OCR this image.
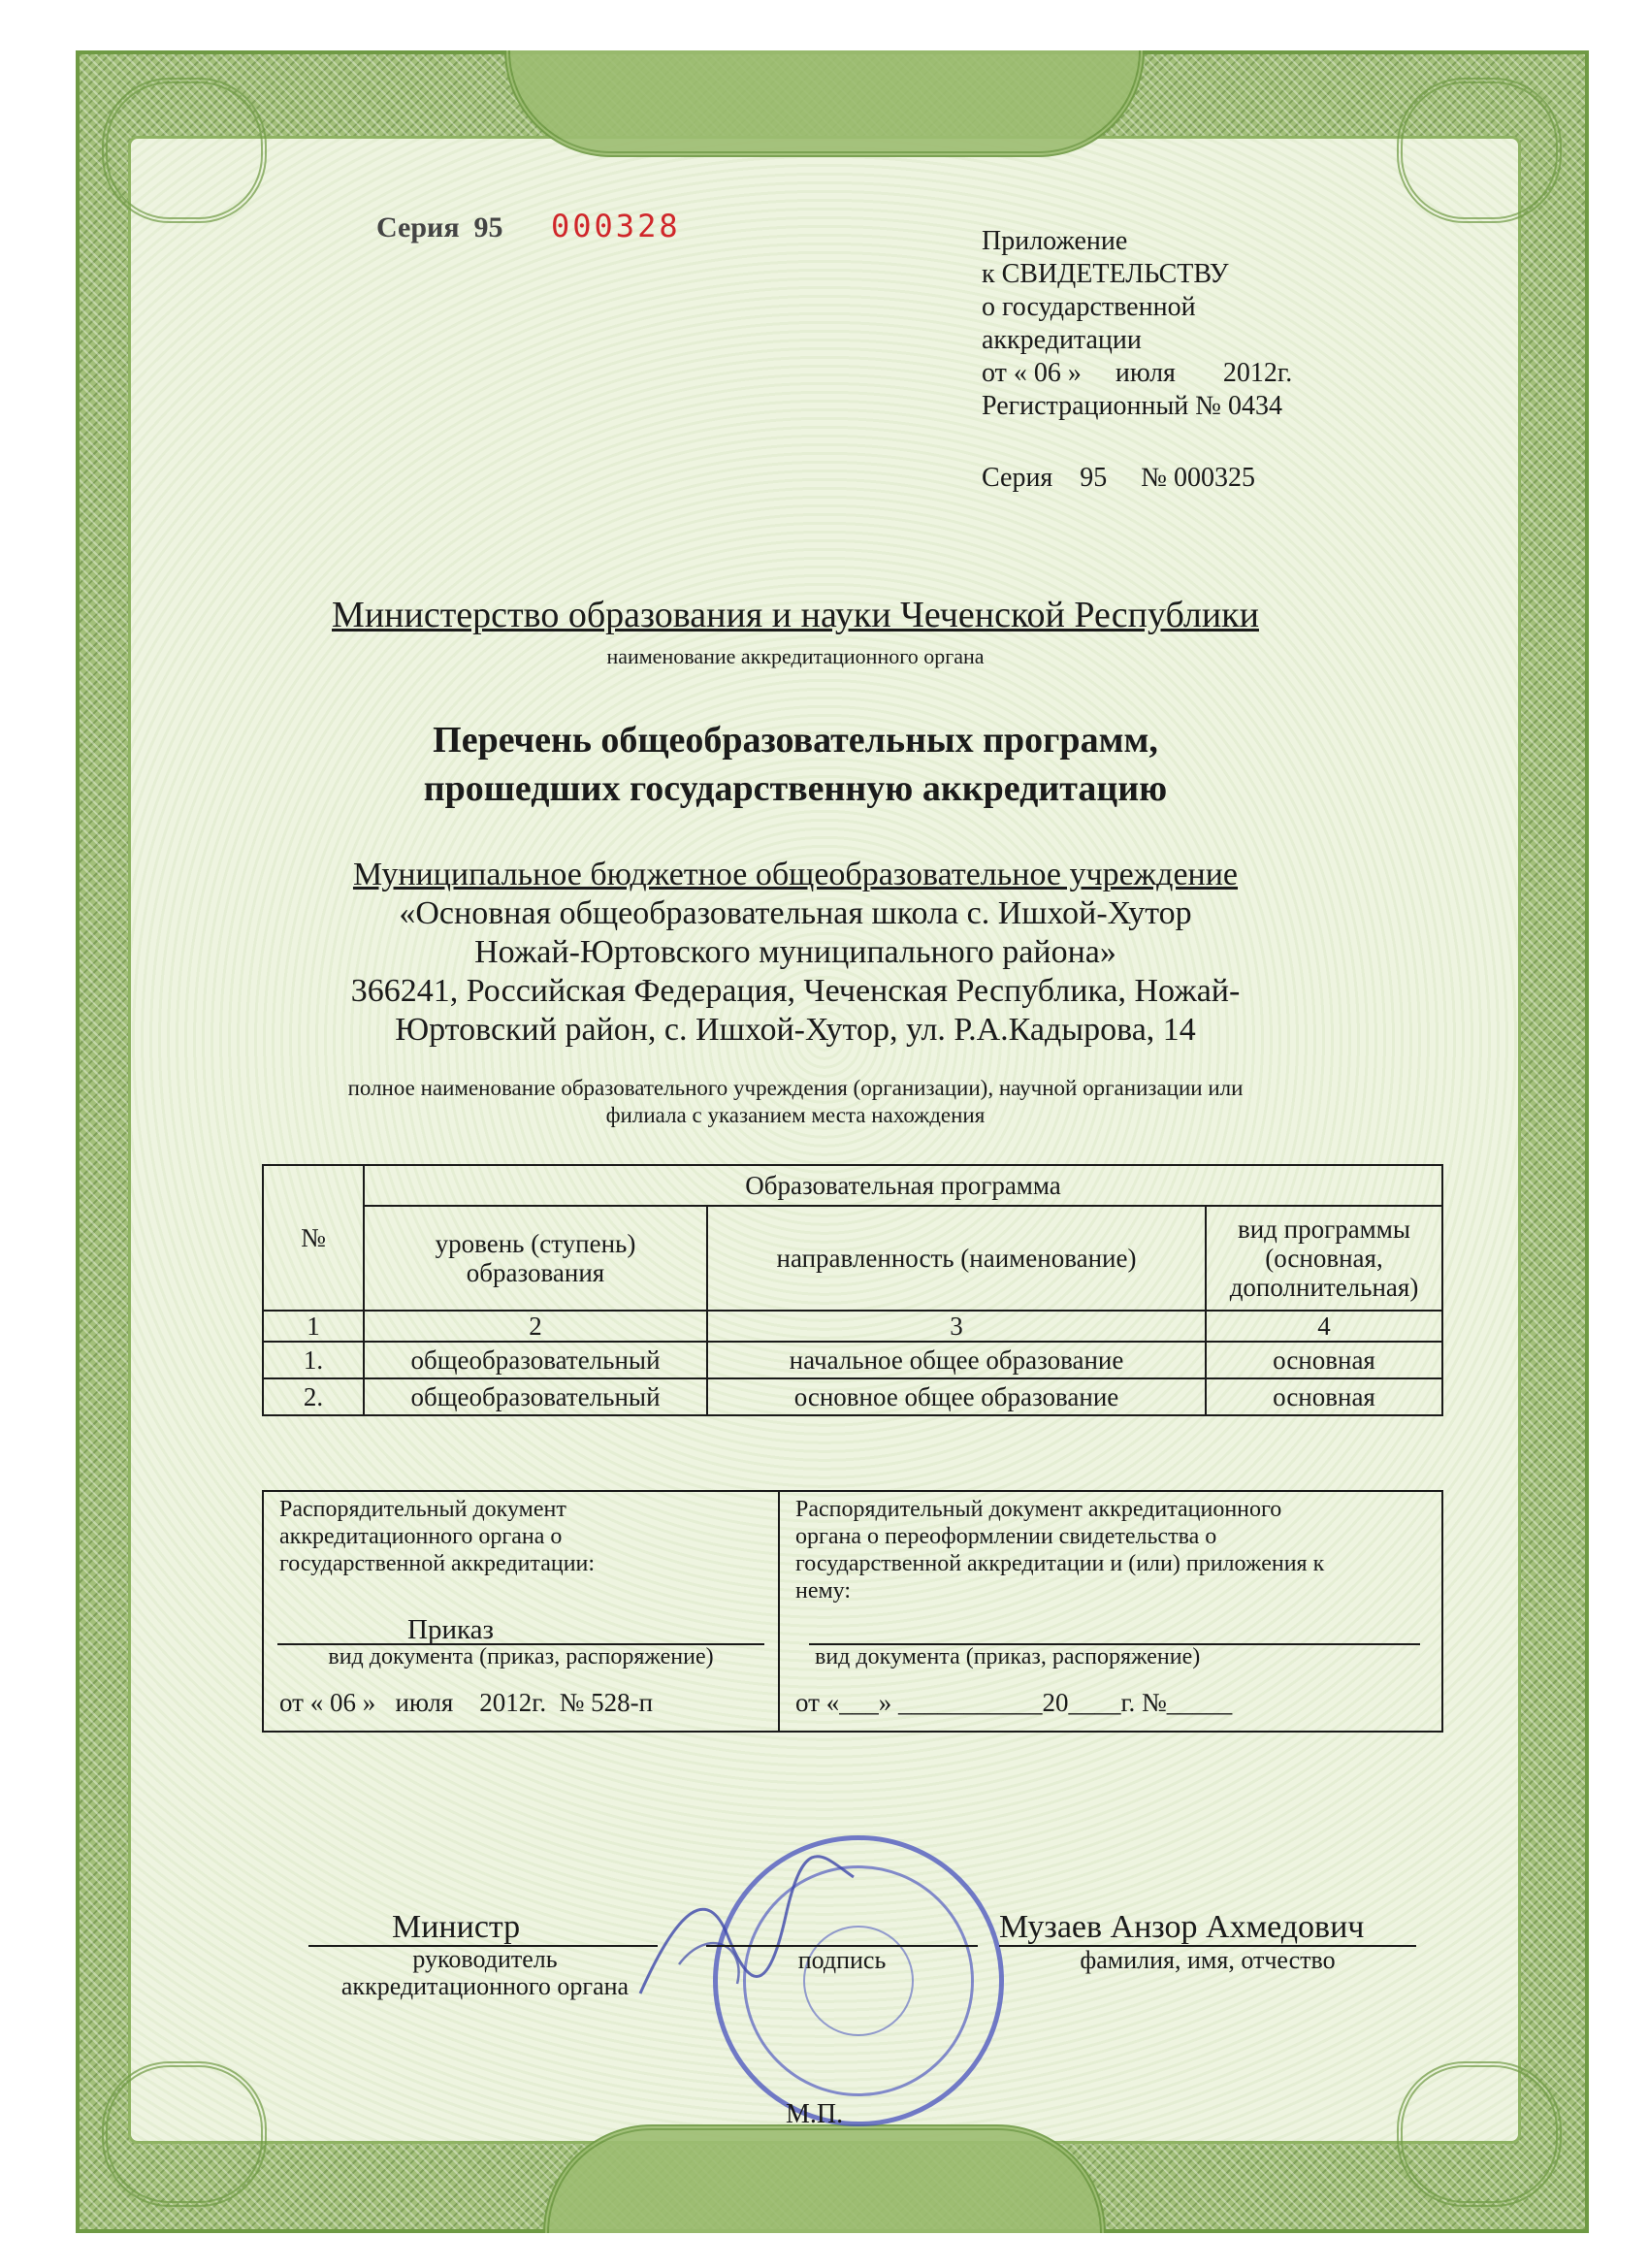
Серия 95 000328	Приложение
к СВИДЕТЕЛЬСТВУ
о государственной
аккредитации
от « 06 »     июля       2012г.
Регистрационный № 0434
Серия    95     № 000325
Министерство образования и науки Чеченской Республики
наименование аккредитационного органа
Перечень общеобразовательных программ,
прошедших государственную аккредитацию
Муниципальное бюджетное общеобразовательное учреждение
«Основная общеобразовательная школа с. Ишхой-Хутор
Ножай-Юртовского муниципального района»
366241, Российская Федерация, Чеченская Республика, Ножай-
Юртовский район, с. Ишхой-Хутор, ул. Р.А.Кадырова, 14
полное наименование образовательного учреждения (организации), научной организации или
филиала с указанием места нахождения
№	Образовательная программа		
	уровень (ступень) образования	направленность (наименование)	вид программы (основная, дополнительная)
1	2	3	4
1.	общеобразовательный	начальное общее образование	основная
2.	общеобразовательный	основное общее образование	основная
Распорядительный документ
аккредитационного органа о
государственной аккредитации:
Приказ
вид документа (приказ, распоряжение)
от « 06 »   июля    2012г.  № 528-п
Распорядительный документ аккредитационного
органа о переоформлении свидетельства о
государственной аккредитации и (или) приложения к
нему:
вид документа (приказ, распоряжение)
от «___» ___________20____г. №_____
Министр
руководитель
аккредитационного органа
подпись
Музаев Анзор Ахмедович
фамилия, имя, отчество
М.П.
